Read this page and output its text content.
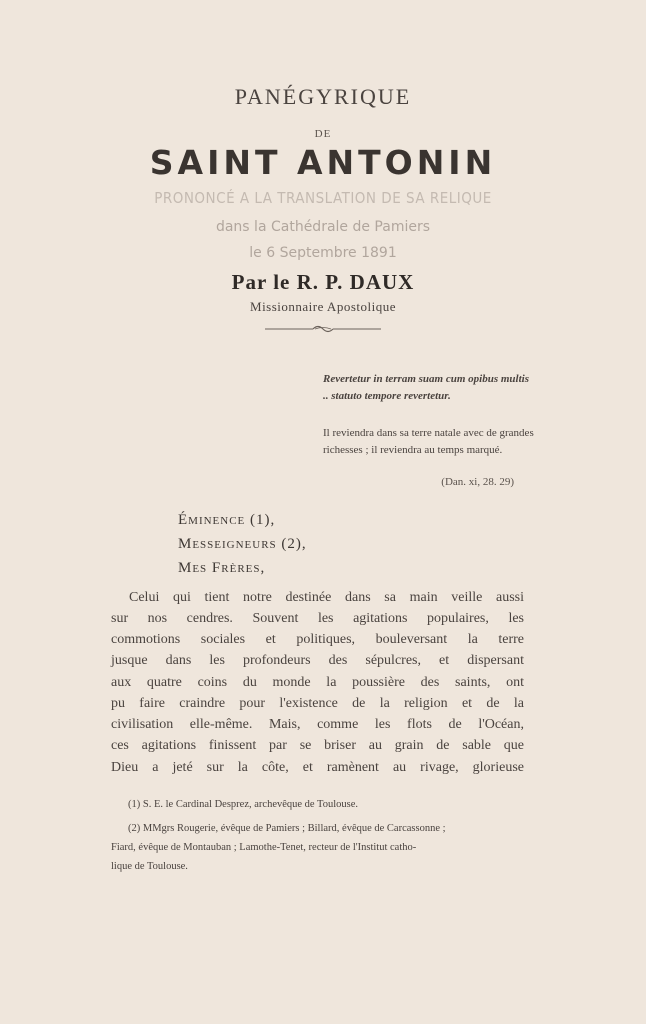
PANÉGYRIQUE
DE
SAINT ANTONIN
PRONONCÉ A LA TRANSLATION DE SA RELIQUE
dans la Cathédrale de Pamiers
le 6 Septembre 1891
Par le R. P. DAUX
Missionnaire Apostolique
Revertetur in terram suam cum opibus multis .. statuto tempore revertetur.
Il reviendra dans sa terre natale avec de grandes richesses ; il reviendra au temps marqué.
(Dan. xi, 28. 29)
Éminence (1),
Messeigneurs (2),
Mes Frères,
Celui qui tient notre destinée dans sa main veille aussi
sur nos cendres. Souvent les agitations populaires, les
commotions sociales et politiques, bouleversant la terre
jusque dans les profondeurs des sépulcres, et dispersant
aux quatre coins du monde la poussière des saints, ont
pu faire craindre pour l'existence de la religion et de la
civilisation elle-même. Mais, comme les flots de l'Océan,
ces agitations finissent par se briser au grain de sable que
Dieu a jeté sur la côte, et ramènent au rivage, glorieuse
(1) S. E. le Cardinal Desprez, archevêque de Toulouse.
(2) MMgrs Rougerie, évêque de Pamiers ; Billard, évêque de Carcassonne ;
Fiard, évêque de Montauban ; Lamothe-Tenet, recteur de l'Institut catho-
lique de Toulouse.
